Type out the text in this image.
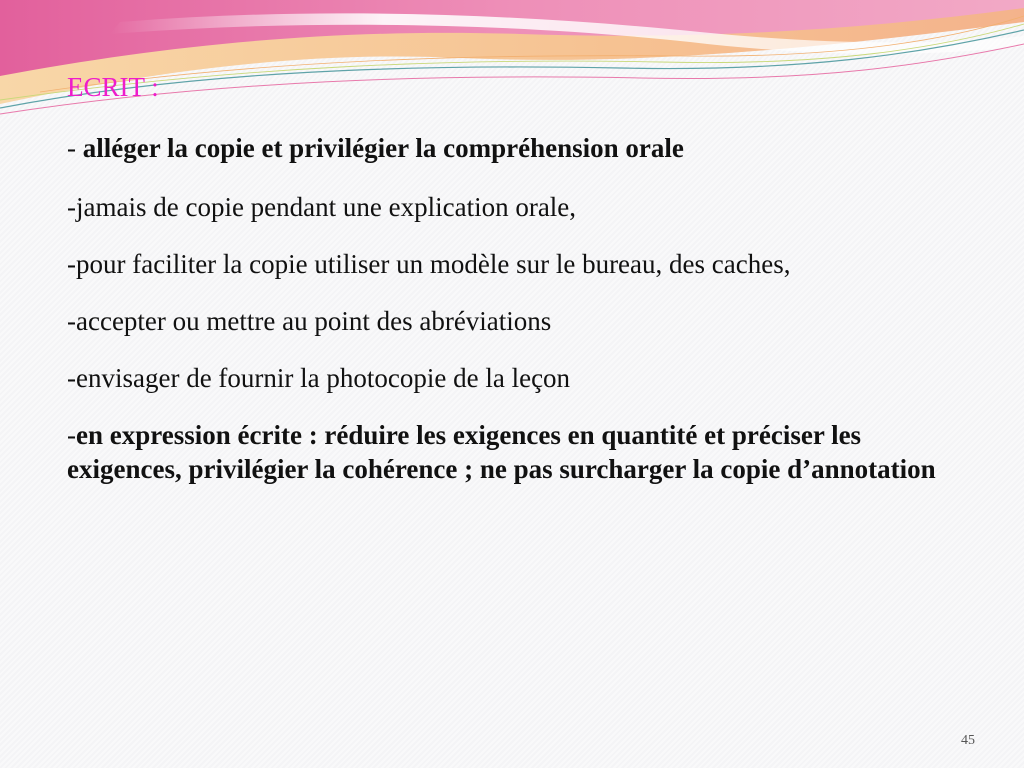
ECRIT :

- alléger la copie et privilégier la compréhension orale

-jamais de copie pendant une explication orale,

-pour faciliter la copie utiliser un modèle sur le bureau, des caches,

-accepter ou mettre au point des abréviations

-envisager de fournir la photocopie de la leçon

-en expression écrite : réduire les exigences en quantité et préciser les exigences, privilégier la cohérence ; ne pas surcharger la copie d’annotation

45
